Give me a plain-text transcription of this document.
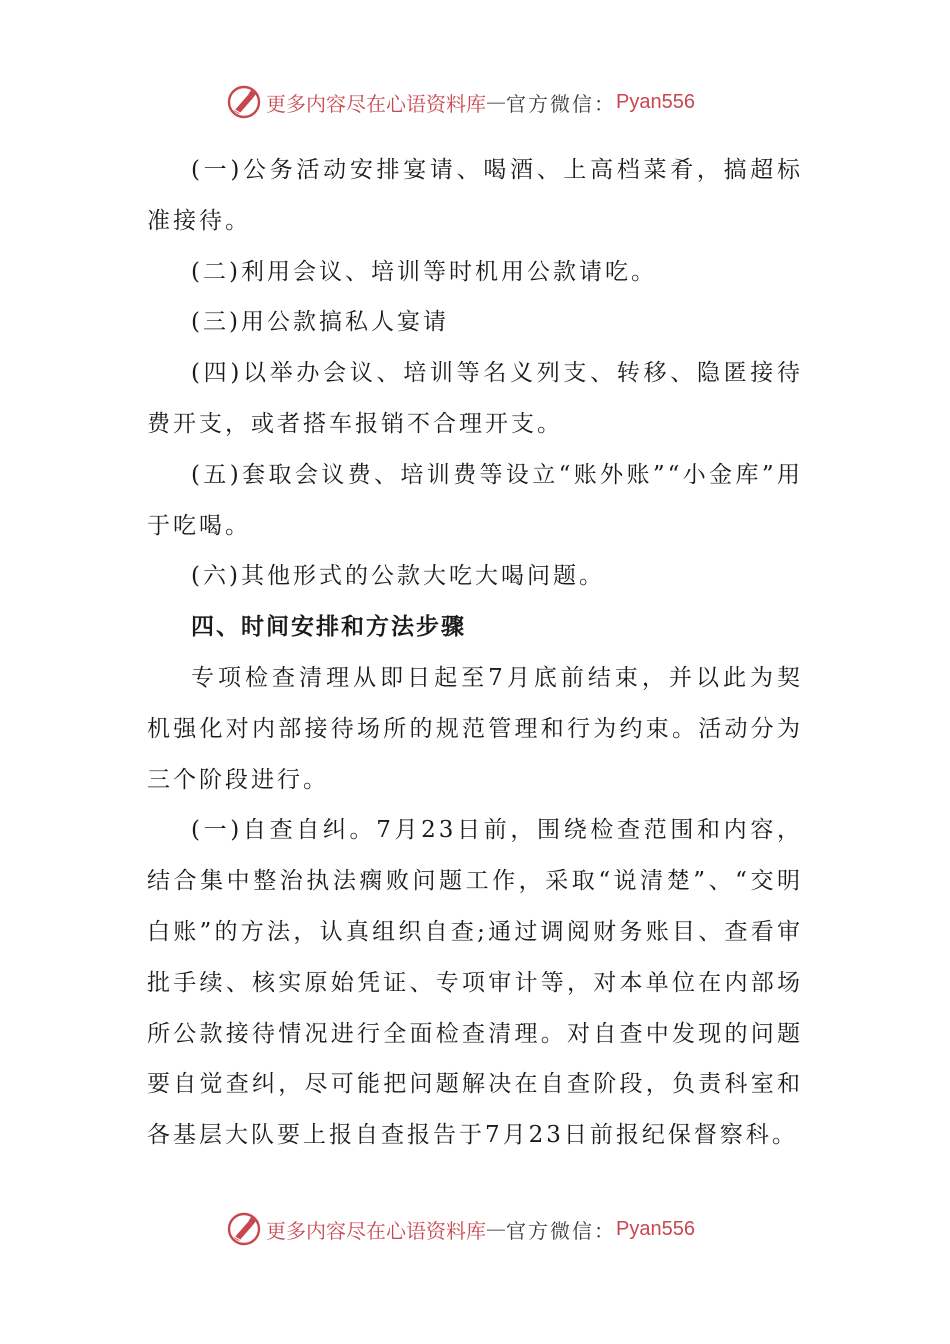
更多内容尽在心语资料库 — 官方微信： Pyan556

(一)公务活动安排宴请、喝酒、上高档菜肴，搞超标准接待。

(二)利用会议、培训等时机用公款请吃。

(三)用公款搞私人宴请

(四)以举办会议、培训等名义列支、转移、隐匿接待费开支，或者搭车报销不合理开支。

(五)套取会议费、培训费等设立“账外账”“小金库”用于吃喝。

(六)其他形式的公款大吃大喝问题。

四、时间安排和方法步骤

专项检查清理从即日起至7月底前结束，并以此为契机强化对内部接待场所的规范管理和行为约束。活动分为三个阶段进行。

(一)自查自纠。7月23日前，围绕检查范围和内容，结合集中整治执法瘸败问题工作，采取“说清楚”、“交明白账”的方法，认真组织自查;通过调阅财务账目、查看审批手续、核实原始凭证、专项审计等，对本单位在内部场所公款接待情况进行全面检查清理。对自查中发现的问题要自觉查纠，尽可能把问题解决在自查阶段，负责科室和各基层大队要上报自查报告于7月23日前报纪保督察科。

更多内容尽在心语资料库 — 官方微信： Pyan556
